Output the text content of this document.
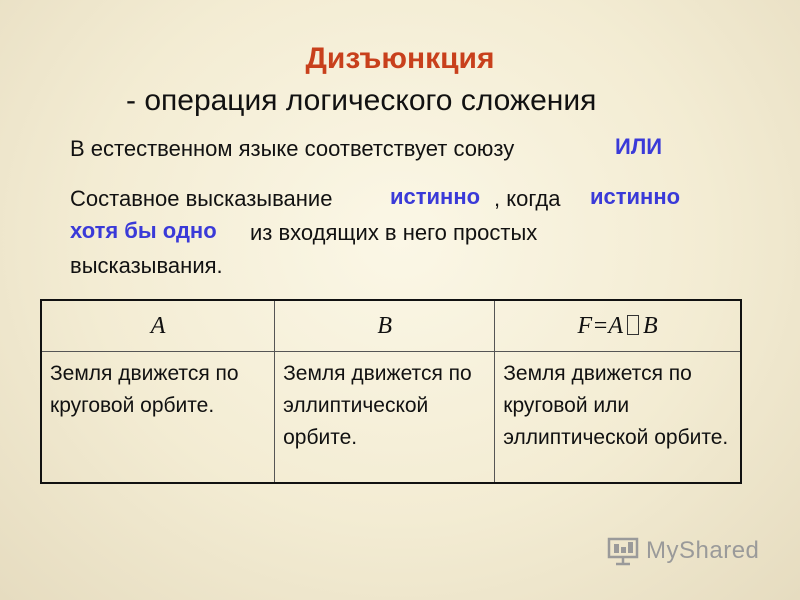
Дизъюнкция
- операция логического сложения
В естественном языке соответствует союзу	ИЛИ
Составное высказывание	истинно , когда истинно
хотя бы одно из входящих в него простых
высказывания.
A	B	F=A B
Земля движется по круговой орбите.	Земля движется по эллиптической орбите.	Земля движется по круговой или эллиптической орбите.
MyShared
